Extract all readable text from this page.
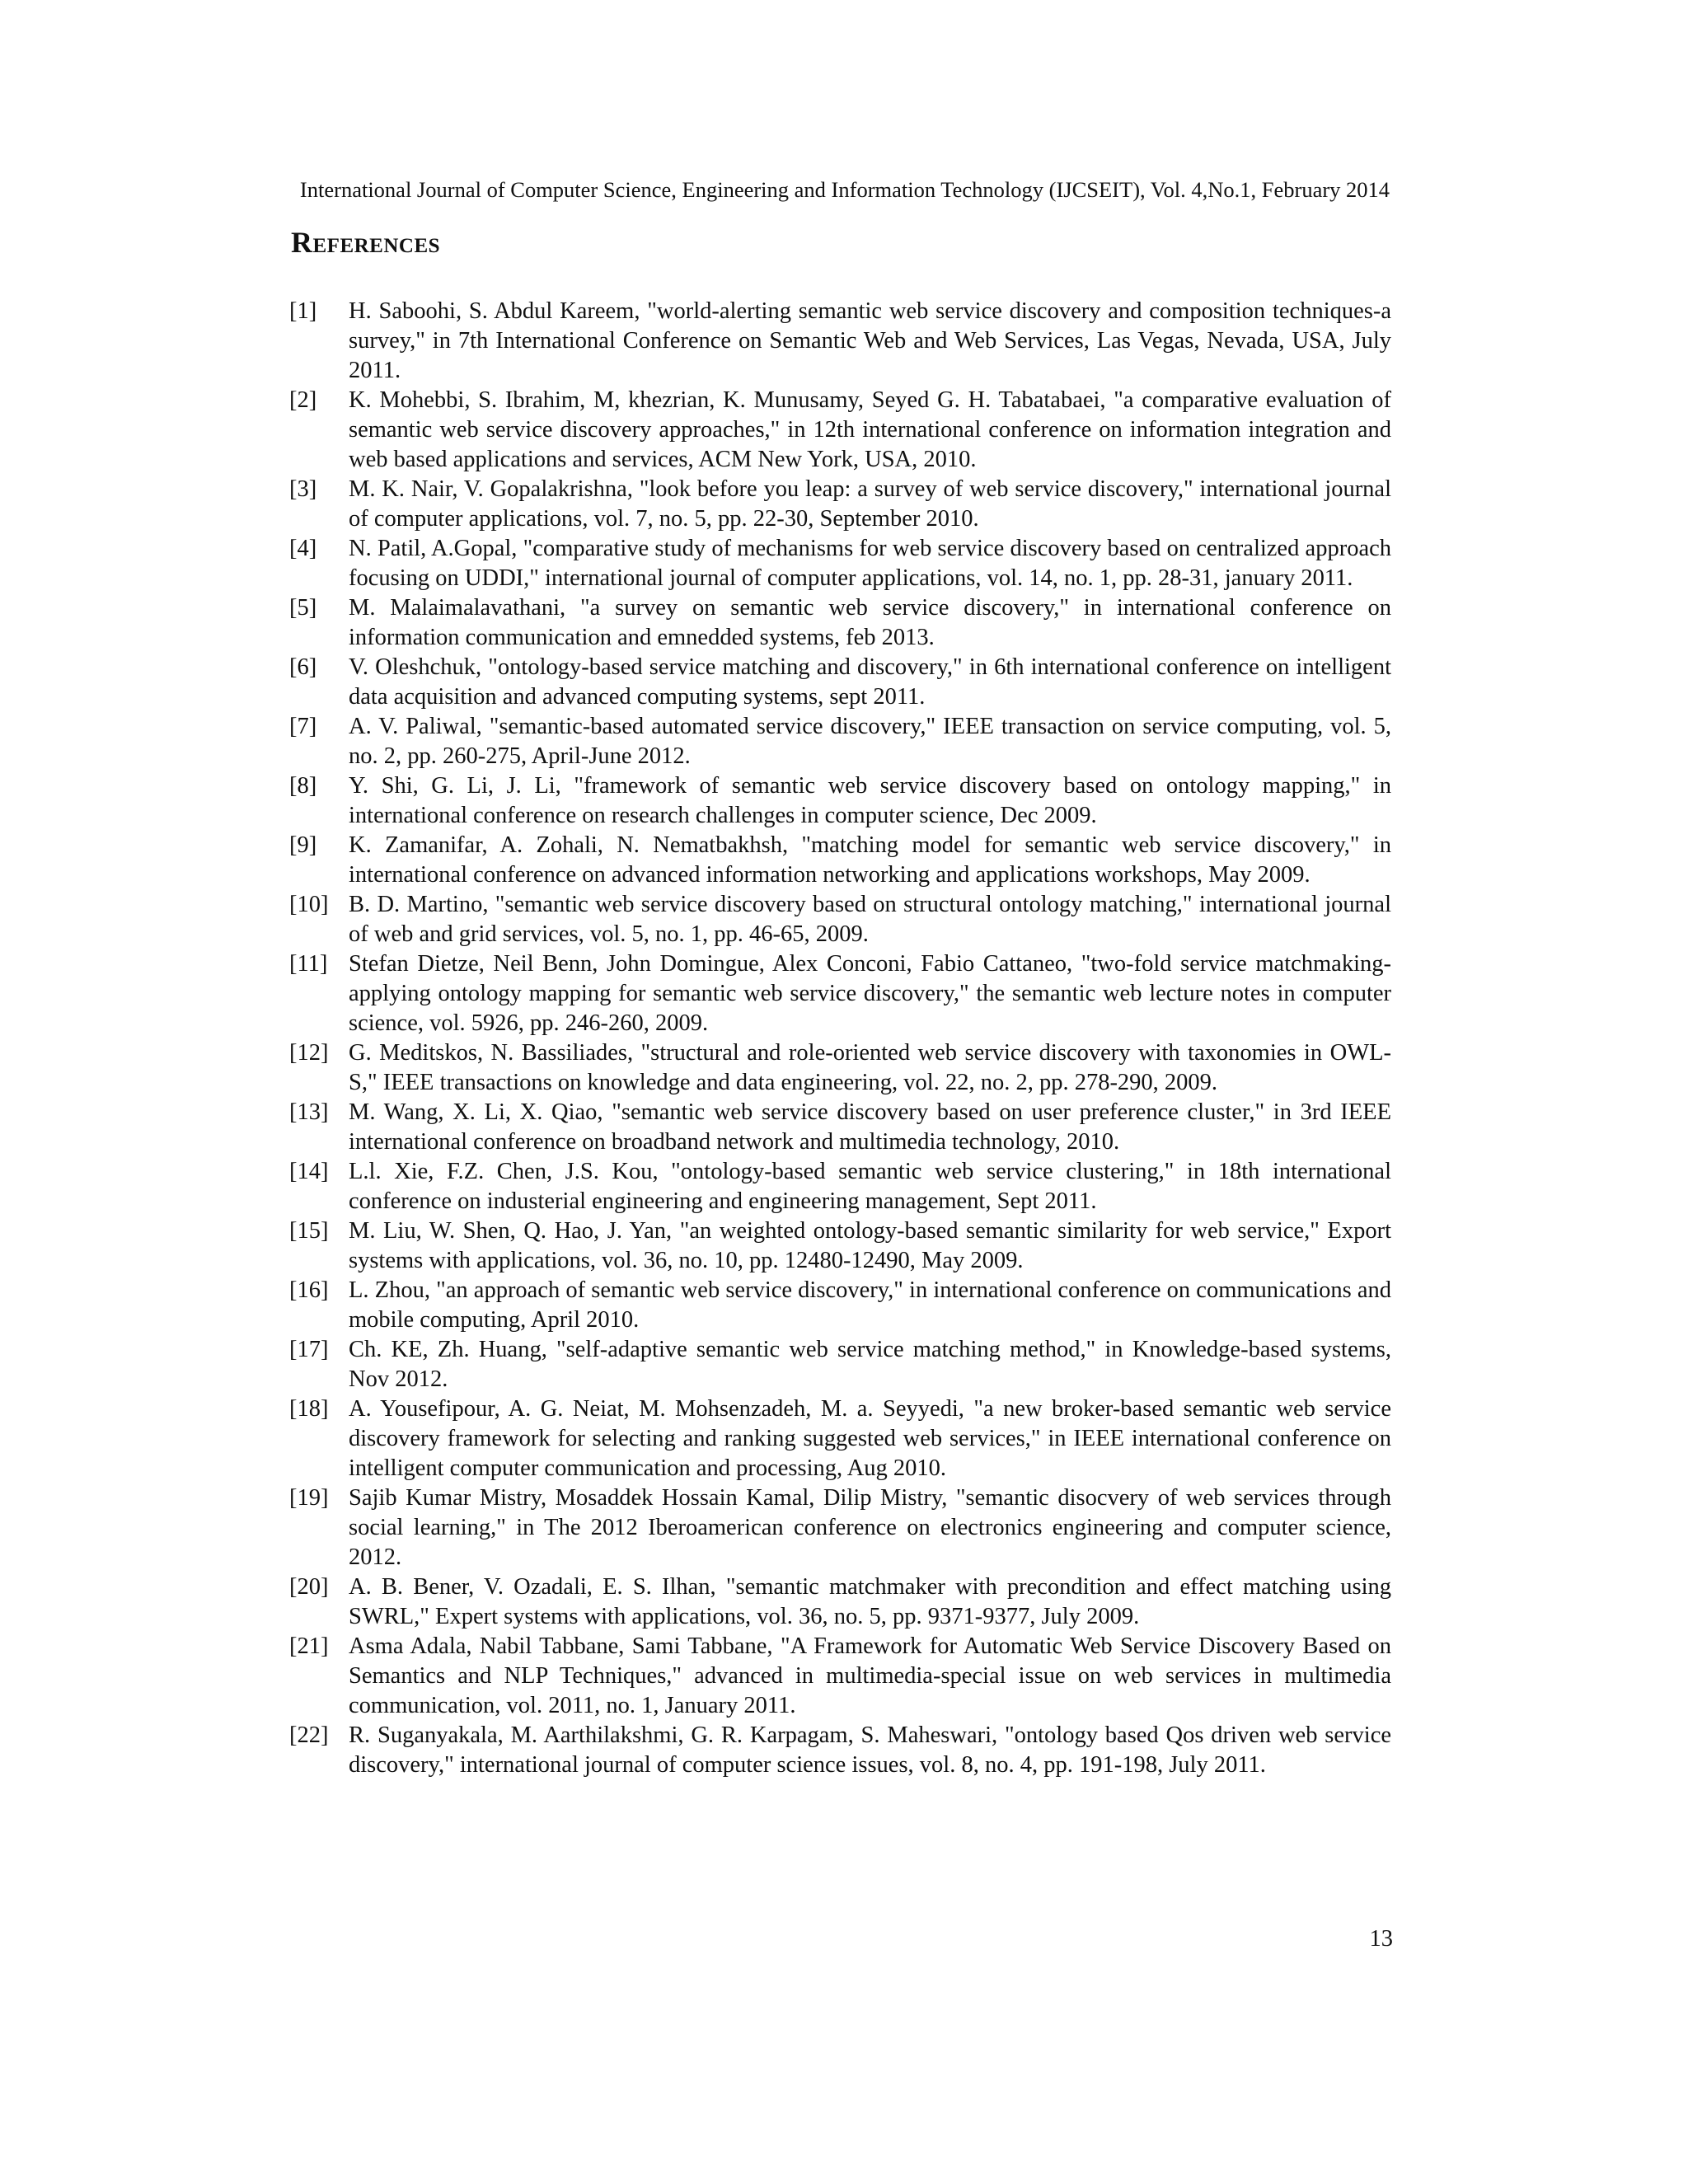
International Journal of Computer Science, Engineering and Information Technology (IJCSEIT), Vol. 4,No.1, February 2014
References
[1]	H. Saboohi, S. Abdul Kareem, "world-alerting semantic web service discovery and composition techniques-a survey," in 7th International Conference on Semantic Web and Web Services, Las Vegas, Nevada, USA, July 2011.
[2]	K. Mohebbi, S. Ibrahim, M, khezrian, K. Munusamy, Seyed G. H. Tabatabaei, "a comparative evaluation of semantic web service discovery approaches," in 12th international conference on information integration and web based applications and services, ACM New York, USA, 2010.
[3]	M. K. Nair, V. Gopalakrishna, "look before you leap: a survey of web service discovery," international journal of computer applications, vol. 7, no. 5, pp. 22-30, September 2010.
[4]	N. Patil, A.Gopal, "comparative study of mechanisms for web service discovery based on centralized approach focusing on UDDI," international journal of computer applications, vol. 14, no. 1, pp. 28-31, january 2011.
[5]	M. Malaimalavathani, "a survey on semantic web service discovery," in international conference on information communication and emnedded systems, feb 2013.
[6]	V. Oleshchuk, "ontology-based service matching and discovery," in 6th international conference on intelligent data acquisition and advanced computing systems, sept 2011.
[7]	A. V. Paliwal, "semantic-based automated service discovery," IEEE transaction on service computing, vol. 5, no. 2, pp. 260-275, April-June 2012.
[8]	Y. Shi, G. Li, J. Li, "framework of semantic web service discovery based on ontology mapping," in international conference on research challenges in computer science, Dec 2009.
[9]	K. Zamanifar, A. Zohali, N. Nematbakhsh, "matching model for semantic web service discovery," in international conference on advanced information networking and applications workshops, May 2009.
[10] B. D. Martino, "semantic web service discovery based on structural ontology matching," international journal of web and grid services, vol. 5, no. 1, pp. 46-65, 2009.
[11] Stefan Dietze, Neil Benn, John Domingue, Alex Conconi, Fabio Cattaneo, "two-fold service matchmaking-applying ontology mapping for semantic web service discovery," the semantic web lecture notes in computer science, vol. 5926, pp. 246-260, 2009.
[12] G. Meditskos, N. Bassiliades, "structural and role-oriented web service discovery with taxonomies in OWL-S," IEEE transactions on knowledge and data engineering, vol. 22, no. 2, pp. 278-290, 2009.
[13] M. Wang, X. Li, X. Qiao, "semantic web service discovery based on user preference cluster," in 3rd IEEE international conference on broadband network and multimedia technology, 2010.
[14] L.l. Xie, F.Z. Chen, J.S. Kou, "ontology-based semantic web service clustering," in 18th international conference on industerial engineering and engineering management, Sept 2011.
[15] M. Liu, W. Shen, Q. Hao, J. Yan, "an weighted ontology-based semantic similarity for web service," Export systems with applications, vol. 36, no. 10, pp. 12480-12490, May 2009.
[16] L. Zhou, "an approach of semantic web service discovery," in international conference on communications and mobile computing, April 2010.
[17] Ch. KE, Zh. Huang, "self-adaptive semantic web service matching method," in Knowledge-based systems, Nov 2012.
[18] A. Yousefipour, A. G. Neiat, M. Mohsenzadeh, M. a. Seyyedi, "a new broker-based semantic web service discovery framework for selecting and ranking suggested web services," in IEEE international conference on intelligent computer communication and processing, Aug 2010.
[19] Sajib Kumar Mistry, Mosaddek Hossain Kamal, Dilip Mistry, "semantic disocvery of web services through social learning," in The 2012 Iberoamerican conference on electronics engineering and computer science, 2012.
[20] A. B. Bener, V. Ozadali, E. S. Ilhan, "semantic matchmaker with precondition and effect matching using SWRL," Expert systems with applications, vol. 36, no. 5, pp. 9371-9377, July 2009.
[21] Asma Adala, Nabil Tabbane, Sami Tabbane, "A Framework for Automatic Web Service Discovery Based on Semantics and NLP Techniques," advanced in multimedia-special issue on web services in multimedia communication, vol. 2011, no. 1, January 2011.
[22] R. Suganyakala, M. Aarthilakshmi, G. R. Karpagam, S. Maheswari, "ontology based Qos driven web service discovery," international journal of computer science issues, vol. 8, no. 4, pp. 191-198, July 2011.
13
